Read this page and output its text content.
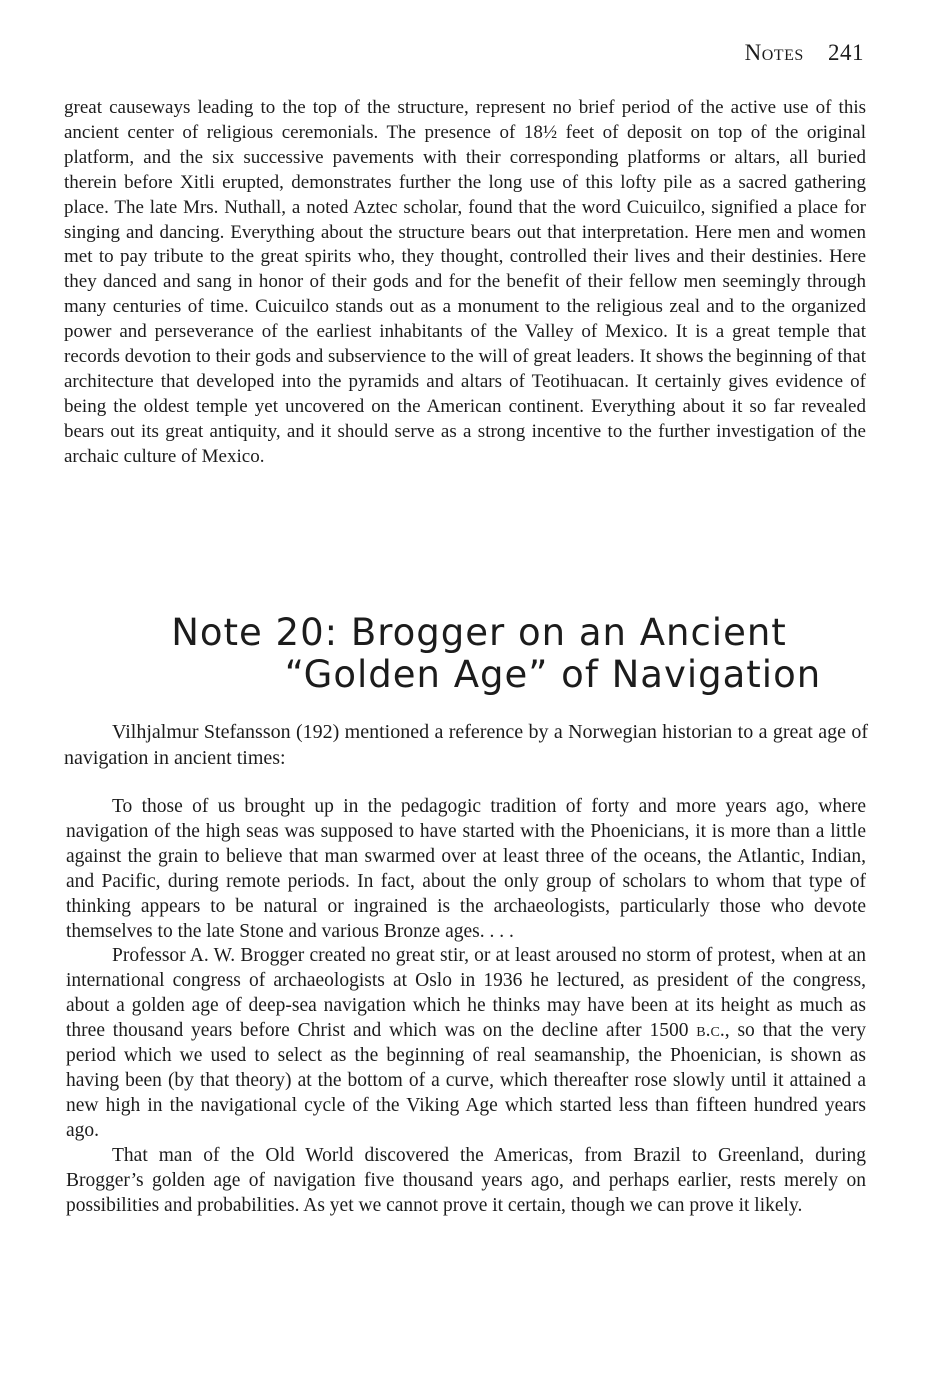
Notes 241

great causeways leading to the top of the structure, represent no brief period of the active use of this ancient center of religious ceremonials. The presence of 18½ feet of deposit on top of the original platform, and the six successive pavements with their corresponding platforms or altars, all buried therein before Xitli erupted, demonstrates further the long use of this lofty pile as a sacred gathering place. The late Mrs. Nuthall, a noted Aztec scholar, found that the word Cuicuilco, signified a place for singing and dancing. Everything about the structure bears out that interpretation. Here men and women met to pay tribute to the great spirits who, they thought, controlled their lives and their destinies. Here they danced and sang in honor of their gods and for the benefit of their fellow men seemingly through many centuries of time. Cuicuilco stands out as a monument to the religious zeal and to the organized power and perseverance of the earliest inhabitants of the Valley of Mexico. It is a great temple that records devotion to their gods and subservience to the will of great leaders. It shows the beginning of that architecture that developed into the pyramids and altars of Teotihuacan. It certainly gives evidence of being the oldest temple yet uncovered on the American continent. Everything about it so far revealed bears out its great antiquity, and it should serve as a strong incentive to the further investigation of the archaic culture of Mexico.

Note 20: Brogger on an Ancient
“Golden Age” of Navigation

Vilhjalmur Stefansson (192) mentioned a reference by a Norwegian historian to a great age of navigation in ancient times:

To those of us brought up in the pedagogic tradition of forty and more years ago, where navigation of the high seas was supposed to have started with the Phoenicians, it is more than a little against the grain to believe that man swarmed over at least three of the oceans, the Atlantic, Indian, and Pacific, during remote periods. In fact, about the only group of scholars to whom that type of thinking appears to be natural or ingrained is the archaeologists, particularly those who devote themselves to the late Stone and various Bronze ages. . . .

Professor A. W. Brogger created no great stir, or at least aroused no storm of protest, when at an international congress of archaeologists at Oslo in 1936 he lectured, as president of the congress, about a golden age of deep-sea navigation which he thinks may have been at its height as much as three thousand years before Christ and which was on the decline after 1500 b.c., so that the very period which we used to select as the beginning of real seamanship, the Phoenician, is shown as having been (by that theory) at the bottom of a curve, which thereafter rose slowly until it attained a new high in the navigational cycle of the Viking Age which started less than fifteen hundred years ago.

That man of the Old World discovered the Americas, from Brazil to Greenland, during Brogger’s golden age of navigation five thousand years ago, and perhaps earlier, rests merely on possibilities and probabilities. As yet we cannot prove it certain, though we can prove it likely.
